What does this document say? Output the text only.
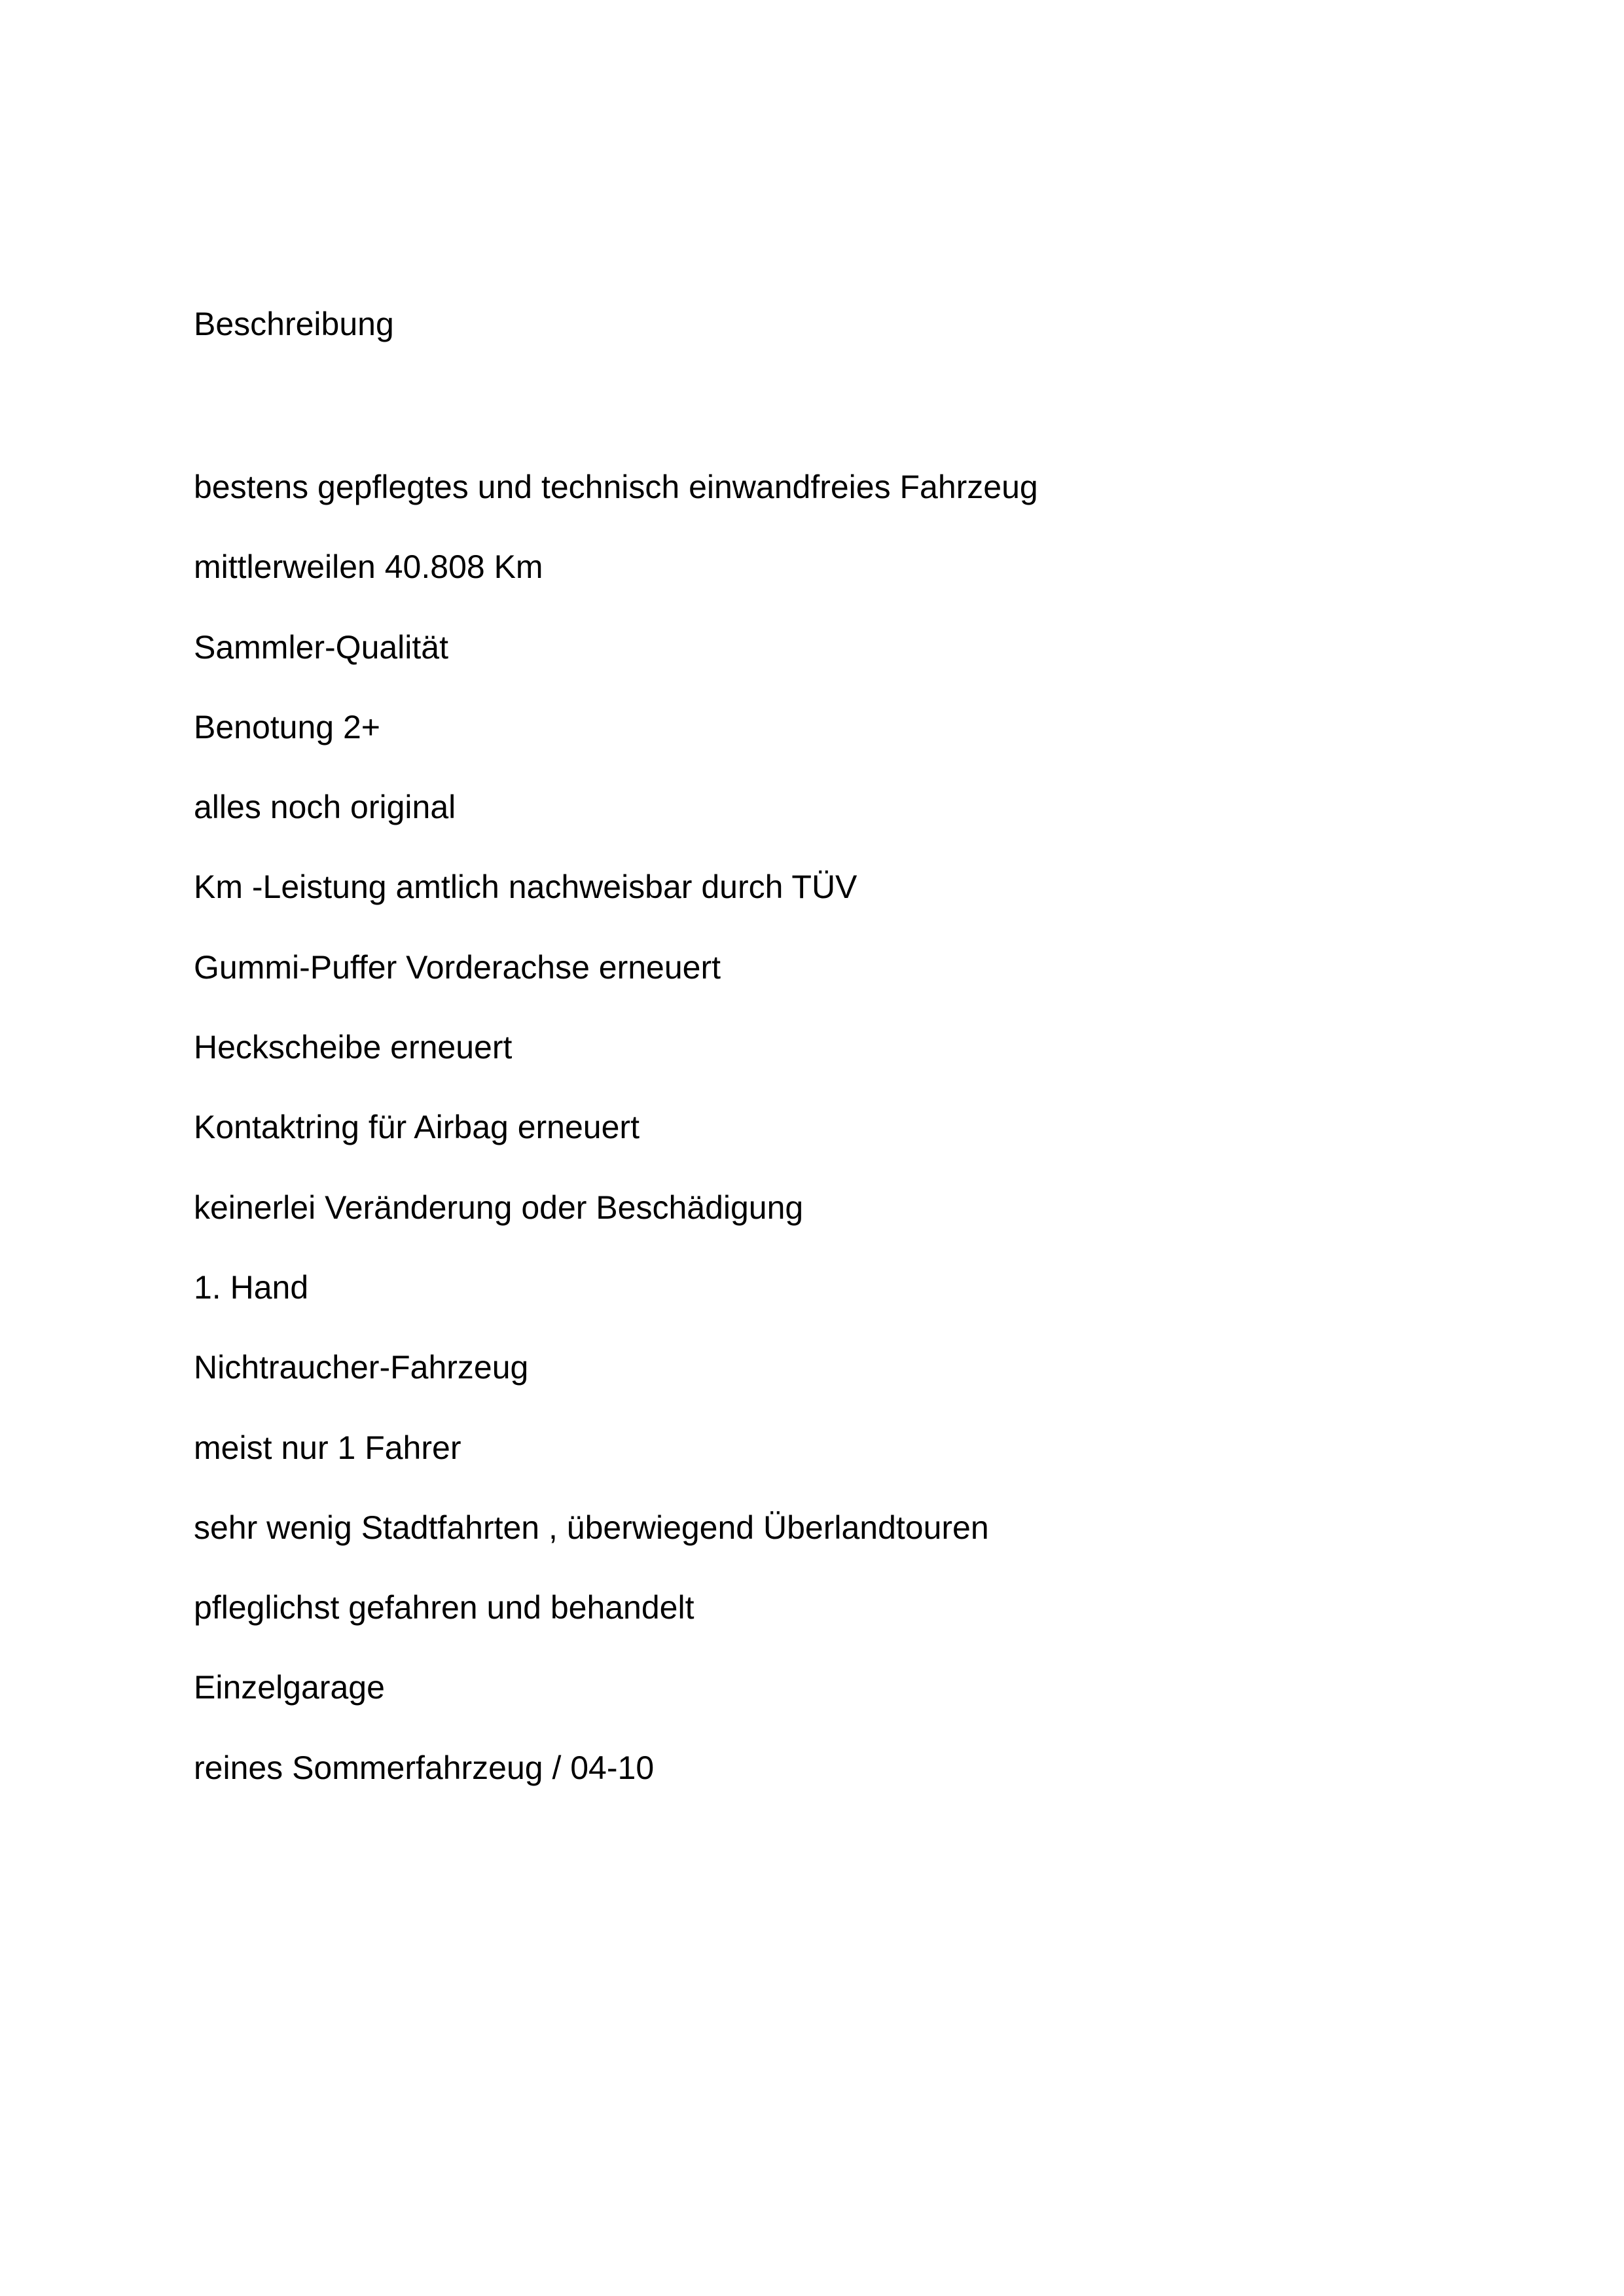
Beschreibung
bestens gepflegtes und technisch einwandfreies Fahrzeug
mittlerweilen 40.808 Km
Sammler-Qualität
Benotung 2+
alles noch original
Km -Leistung amtlich nachweisbar durch TÜV
Gummi-Puffer Vorderachse erneuert
Heckscheibe erneuert
Kontaktring für Airbag erneuert
keinerlei Veränderung oder Beschädigung
1. Hand
Nichtraucher-Fahrzeug
meist nur 1 Fahrer
sehr wenig Stadtfahrten , überwiegend Überlandtouren
pfleglichst gefahren und behandelt
Einzelgarage
reines Sommerfahrzeug / 04-10
